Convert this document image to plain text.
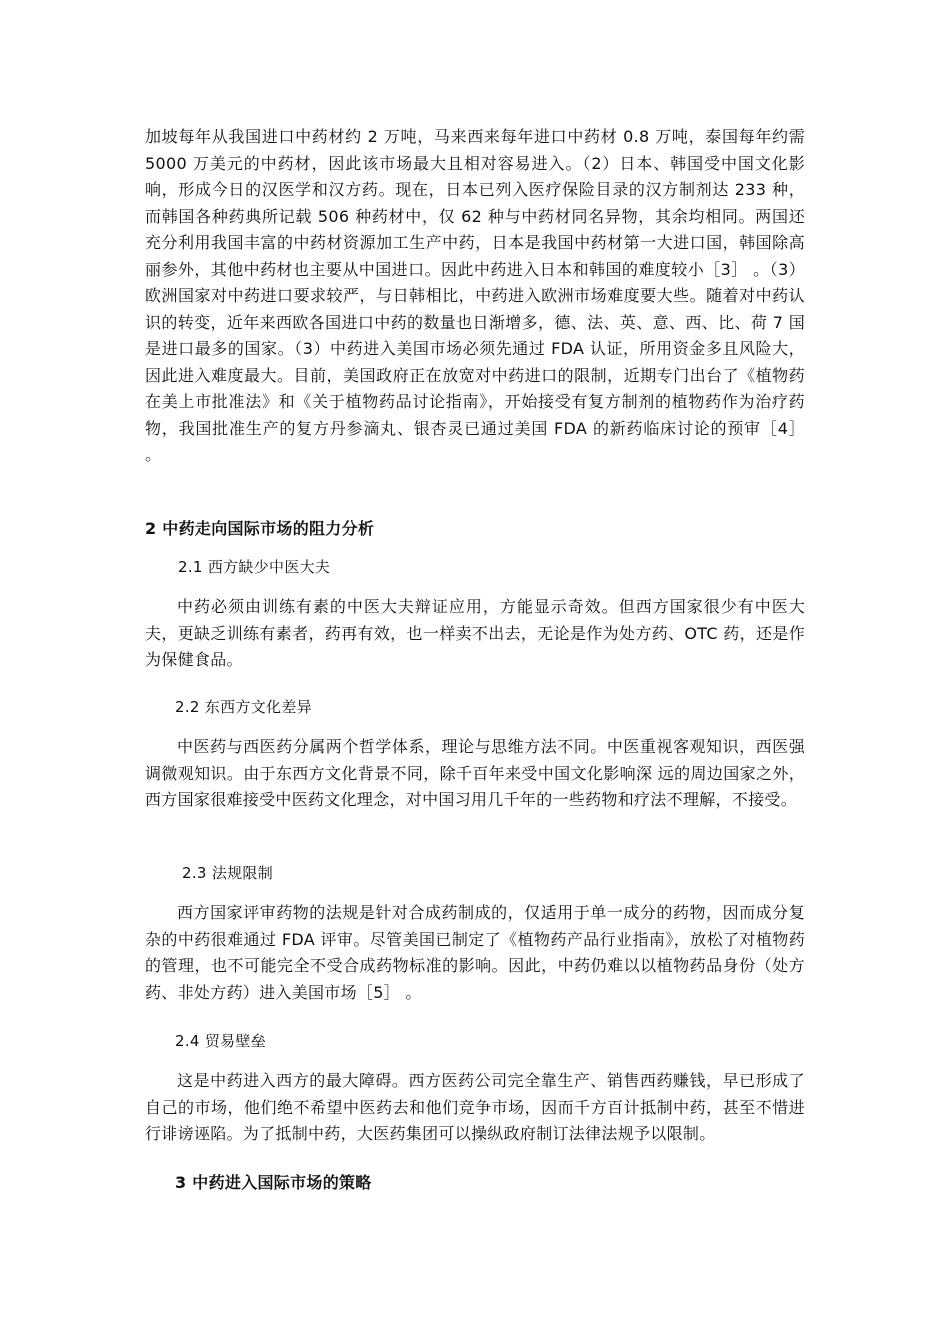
加坡每年从我国进口中药材约 2 万吨，马来西来每年进口中药材 0.8 万吨，泰国每年约需 5000 万美元的中药材，因此该市场最大且相对容易进入。（2）日本、韩国受中国文化影响，形成今日的汉医学和汉方药。现在，日本已列入医疗保险目录的汉方制剂达 233 种，而韩国各种药典所记载 506 种药材中，仅 62 种与中药材同名异物，其余均相同。两国还充分利用我国丰富的中药材资源加工生产中药，日本是我国中药材第一大进口国，韩国除高丽参外，其他中药材也主要从中国进口。因此中药进入日本和韩国的难度较小［3］ 。（3）欧洲国家对中药进口要求较严，与日韩相比，中药进入欧洲市场难度要大些。随着对中药认识的转变，近年来西欧各国进口中药的数量也日渐增多，德、法、英、意、西、比、荷 7 国是进口最多的国家。（3）中药进入美国市场必须先通过 FDA 认证，所用资金多且风险大，因此进入难度最大。目前，美国政府正在放宽对中药进口的限制，近期专门出台了《植物药在美上市批准法》和《关于植物药品讨论指南》，开始接受有复方制剂的植物药作为治疗药物，我国批准生产的复方丹参滴丸、银杏灵已通过美国 FDA 的新药临床讨论的预审［4］ 。

2 中药走向国际市场的阻力分析
2.1 西方缺少中医大夫

中药必须由训练有素的中医大夫辩证应用，方能显示奇效。但西方国家很少有中医大夫，更缺乏训练有素者，药再有效，也一样卖不出去，无论是作为处方药、OTC 药，还是作为保健食品。

2.2 东西方文化差异

中医药与西医药分属两个哲学体系，理论与思维方法不同。中医重视客观知识，西医强调微观知识。由于东西方文化背景不同，除千百年来受中国文化影响深 远的周边国家之外，西方国家很难接受中医药文化理念，对中国习用几千年的一些药物和疗法不理解，不接受。

2.3 法规限制

西方国家评审药物的法规是针对合成药制成的，仅适用于单一成分的药物，因而成分复杂的中药很难通过 FDA 评审。尽管美国已制定了《植物药产品行业指南》，放松了对植物药的管理，也不可能完全不受合成药物标准的影响。因此，中药仍难以以植物药品身份（处方药、非处方药）进入美国市场［5］ 。

2.4 贸易壁垒

这是中药进入西方的最大障碍。西方医药公司完全靠生产、销售西药赚钱，早已形成了自己的市场，他们绝不希望中医药去和他们竞争市场，因而千方百计抵制中药，甚至不惜进行诽谤诬陷。为了抵制中药，大医药集团可以操纵政府制订法律法规予以限制。

3 中药进入国际市场的策略
